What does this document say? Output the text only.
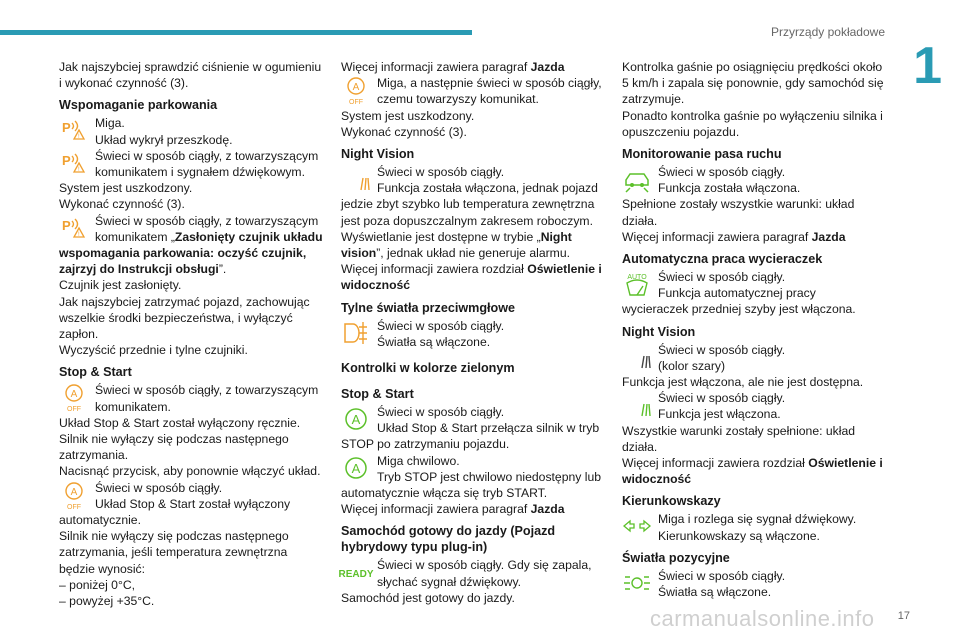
Przyrządy pokładowe
1

Jak najszybciej sprawdzić ciśnienie w ogumieniu i wykonać czynność (3).

Wspomaganie parkowania
P
!

Miga.

Układ wykrył przeszkodę.

P
!

Świeci w sposób ciągły, z towarzyszącym komunikatem i sygnałem dźwiękowym.

System jest uszkodzony.

Wykonać czynność (3).

P
!

Świeci w sposób ciągły, z towarzyszącym komunikatem „Zasłonięty czujnik układu wspomagania parkowania: oczyść czujnik, zajrzyj do Instrukcji obsługi”.

Czujnik jest zasłonięty.

Jak najszybciej zatrzymać pojazd, zachowując wszelkie środki bezpieczeństwa, i wyłączyć zapłon.

Wyczyścić przednie i tylne czujniki.

Stop & Start
A
OFF

Świeci w sposób ciągły, z towarzyszącym komunikatem.

Układ Stop & Start został wyłączony ręcznie.

Silnik nie wyłączy się podczas następnego zatrzymania.

Nacisnąć przycisk, aby ponownie włączyć układ.

A
OFF

Świeci w sposób ciągły.

Układ Stop & Start został wyłączony automatycznie.

Silnik nie wyłączy się podczas następnego zatrzymania, jeśli temperatura zewnętrzna będzie wynosić:

– poniżej 0°C,

– powyżej +35°C.

Więcej informacji zawiera paragraf Jazda

A
OFF

Miga, a następnie świeci w sposób ciągły, czemu towarzyszy komunikat.

System jest uszkodzony.

Wykonać czynność (3).

Night Vision

Świeci w sposób ciągły.

Funkcja została włączona, jednak pojazd jedzie zbyt szybko lub temperatura zewnętrzna jest poza dopuszczalnym zakresem roboczym.

Wyświetlanie jest dostępne w trybie „Night vision”, jednak układ nie generuje alarmu.

Więcej informacji zawiera rozdział Oświetlenie i widoczność

Tylne światła przeciwmgłowe

Świeci w sposób ciągły.

Światła są włączone.

Kontrolki w kolorze zielonym
Stop & Start
A	Świeci w sposób ciągły.

Układ Stop & Start przełącza silnik w tryb STOP po zatrzymaniu pojazdu.

A	Miga chwilowo.

Tryb STOP jest chwilowo niedostępny lub automatycznie włącza się tryb START.

Więcej informacji zawiera paragraf Jazda

Samochód gotowy do jazdy (Pojazd hybrydowy typu plug-in)
READY

Świeci w sposób ciągły. Gdy się zapala, słychać sygnał dźwiękowy.

Samochód jest gotowy do jazdy.

Kontrolka gaśnie po osiągnięciu prędkości około 5 km/h i zapala się ponownie, gdy samochód się zatrzymuje.

Ponadto kontrolka gaśnie po wyłączeniu silnika i opuszczeniu pojazdu.

Monitorowanie pasa ruchu

Świeci w sposób ciągły.

Funkcja została włączona.

Spełnione zostały wszystkie warunki: układ działa.

Więcej informacji zawiera paragraf Jazda

Automatyczna praca wycieraczek
AUTO Świeci w sposób ciągły.

Funkcja automatycznej pracy wycieraczek przedniej szyby jest włączona.

Night Vision

Świeci w sposób ciągły.

(kolor szary)

Funkcja jest włączona, ale nie jest dostępna.

Świeci w sposób ciągły.

Funkcja jest włączona.

Wszystkie warunki zostały spełnione: układ działa.

Więcej informacji zawiera rozdział Oświetlenie i widoczność

Kierunkowskazy

Miga i rozlega się sygnał dźwiękowy.

Kierunkowskazy są włączone.

Światła pozycyjne

Świeci w sposób ciągły.

Światła są włączone.

carmanualsonline.info 17
